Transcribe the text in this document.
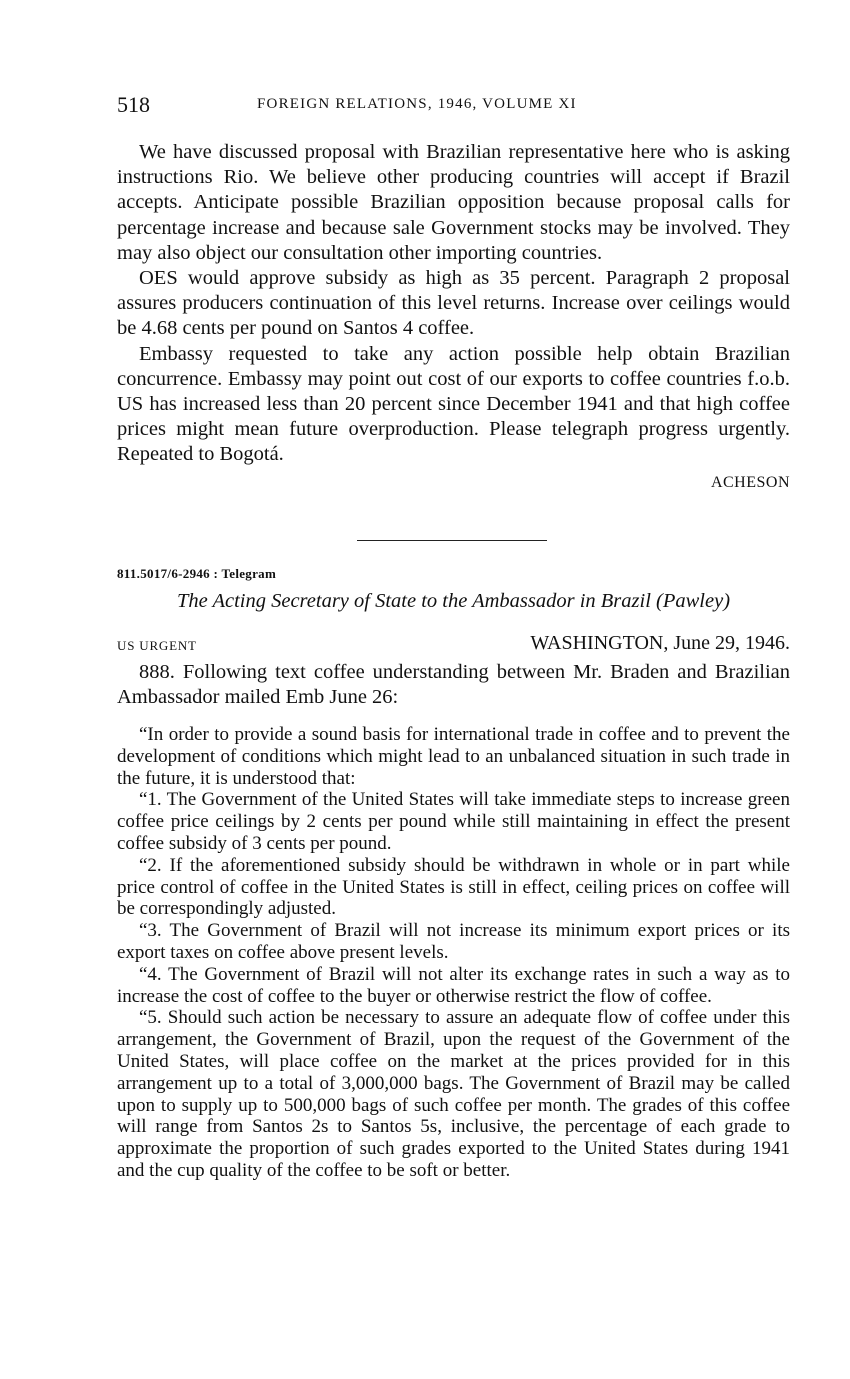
518	FOREIGN RELATIONS, 1946, VOLUME XI

We have discussed proposal with Brazilian representative here who is asking instructions Rio. We believe other producing countries will accept if Brazil accepts. Anticipate possible Brazilian opposition because proposal calls for percentage increase and because sale Government stocks may be involved. They may also object our consultation other importing countries.

OES would approve subsidy as high as 35 percent. Paragraph 2 proposal assures producers continuation of this level returns. Increase over ceilings would be 4.68 cents per pound on Santos 4 coffee.

Embassy requested to take any action possible help obtain Brazilian concurrence. Embassy may point out cost of our exports to coffee countries f.o.b. US has increased less than 20 percent since December 1941 and that high coffee prices might mean future overproduction. Please telegraph progress urgently. Repeated to Bogotá.

ACHESON
811.5017/6-2946 : Telegram
The Acting Secretary of State to the Ambassador in Brazil (Pawley)
US URGENT	WASHINGTON, June 29, 1946.

888. Following text coffee understanding between Mr. Braden and Brazilian Ambassador mailed Emb June 26:

“In order to provide a sound basis for international trade in coffee and to prevent the development of conditions which might lead to an unbalanced situation in such trade in the future, it is understood that:

“1. The Government of the United States will take immediate steps to increase green coffee price ceilings by 2 cents per pound while still maintaining in effect the present coffee subsidy of 3 cents per pound.

“2. If the aforementioned subsidy should be withdrawn in whole or in part while price control of coffee in the United States is still in effect, ceiling prices on coffee will be correspondingly adjusted.

“3. The Government of Brazil will not increase its minimum export prices or its export taxes on coffee above present levels.

“4. The Government of Brazil will not alter its exchange rates in such a way as to increase the cost of coffee to the buyer or otherwise restrict the flow of coffee.

“5. Should such action be necessary to assure an adequate flow of coffee under this arrangement, the Government of Brazil, upon the request of the Government of the United States, will place coffee on the market at the prices provided for in this arrangement up to a total of 3,000,000 bags. The Government of Brazil may be called upon to supply up to 500,000 bags of such coffee per month. The grades of this coffee will range from Santos 2s to Santos 5s, inclusive, the percentage of each grade to approximate the proportion of such grades exported to the United States during 1941 and the cup quality of the coffee to be soft or better.
